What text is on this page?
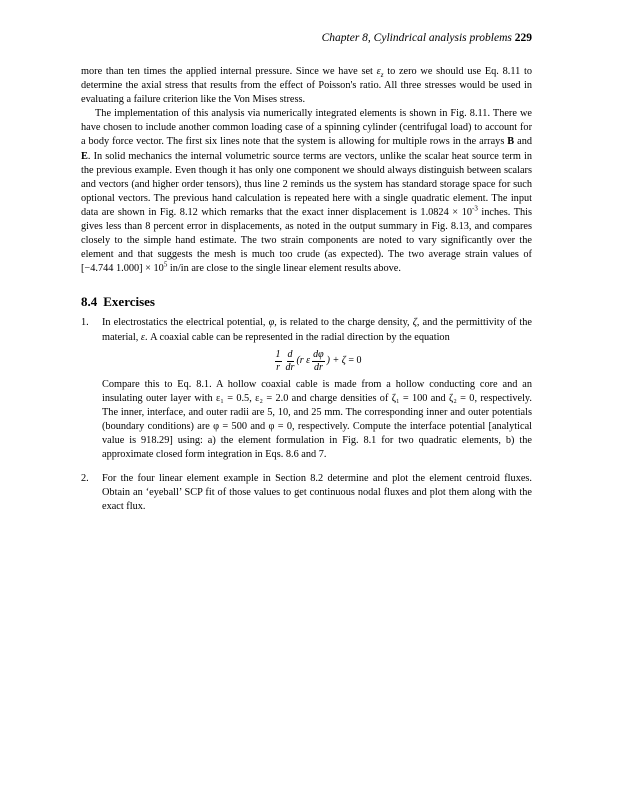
Chapter 8, Cylindrical analysis problems 229

more than ten times the applied internal pressure. Since we have set $\varepsilon_z$ to zero we should use Eq. 8.11 to determine the axial stress that results from the effect of Poisson's ratio. All three stresses would be used in evaluating a failure criterion like the Von Mises stress.

The implementation of this analysis via numerically integrated elements is shown in Fig. 8.11. There we have chosen to include another common loading case of a spinning cylinder (centrifugal load) to account for a body force vector. The first six lines note that the system is allowing for multiple rows in the arrays B and E. In solid mechanics the internal volumetric source terms are vectors, unlike the scalar heat source term in the previous example. Even though it has only one component we should always distinguish between scalars and vectors (and higher order tensors), thus line 2 reminds us the system has standard storage space for such optional vectors. The previous hand calculation is repeated here with a single quadratic element. The input data are shown in Fig. 8.12 which remarks that the exact inner displacement is $1.0824 \times 10^{-3}$ inches. This gives less than 8 percent error in displacements, as noted in the output summary in Fig. 8.13, and compares closely to the simple hand estimate. The two strain components are noted to vary significantly over the element and that suggests the mesh is much too crude (as expected). The two average strain values of [−4.744 $1.000] \times 10^5$ in/in are close to the single linear element results above.

8.4 Exercises
1.	In electrostatics the electrical potential, φ, is related to the charge density, ζ, and the permittivity of the material, ε. A coaxial cable can be represented in the radial direction by the equation

$\frac{1}{r} \frac{d}{dr} (r$ ε $\frac{d\varphi}{dr}$ ) + ζ = 0

Compare this to Eq. 8.1. A hollow coaxial cable is made from a hollow conducting core and an insulating outer layer with ε₁ = 0.5, ε₂ = 2.0 and charge densities of ζ₁ = 100 and ζ₂ = 0, respectively. The inner, interface, and outer radii are 5, 10, and 25 mm. The corresponding inner and outer potentials (boundary conditions) are φ = 500 and φ = 0, respectively. Compute the interface potential [analytical value is 918.29] using: a) the element formulation in Fig. 8.1 for two quadratic elements, b) the approximate closed form integration in Eqs. 8.6 and 7.

2.	For the four linear element example in Section 8.2 determine and plot the element centroid fluxes. Obtain an ‘eyeball’ SCP fit of those values to get continuous nodal fluxes and plot them along with the exact flux.
